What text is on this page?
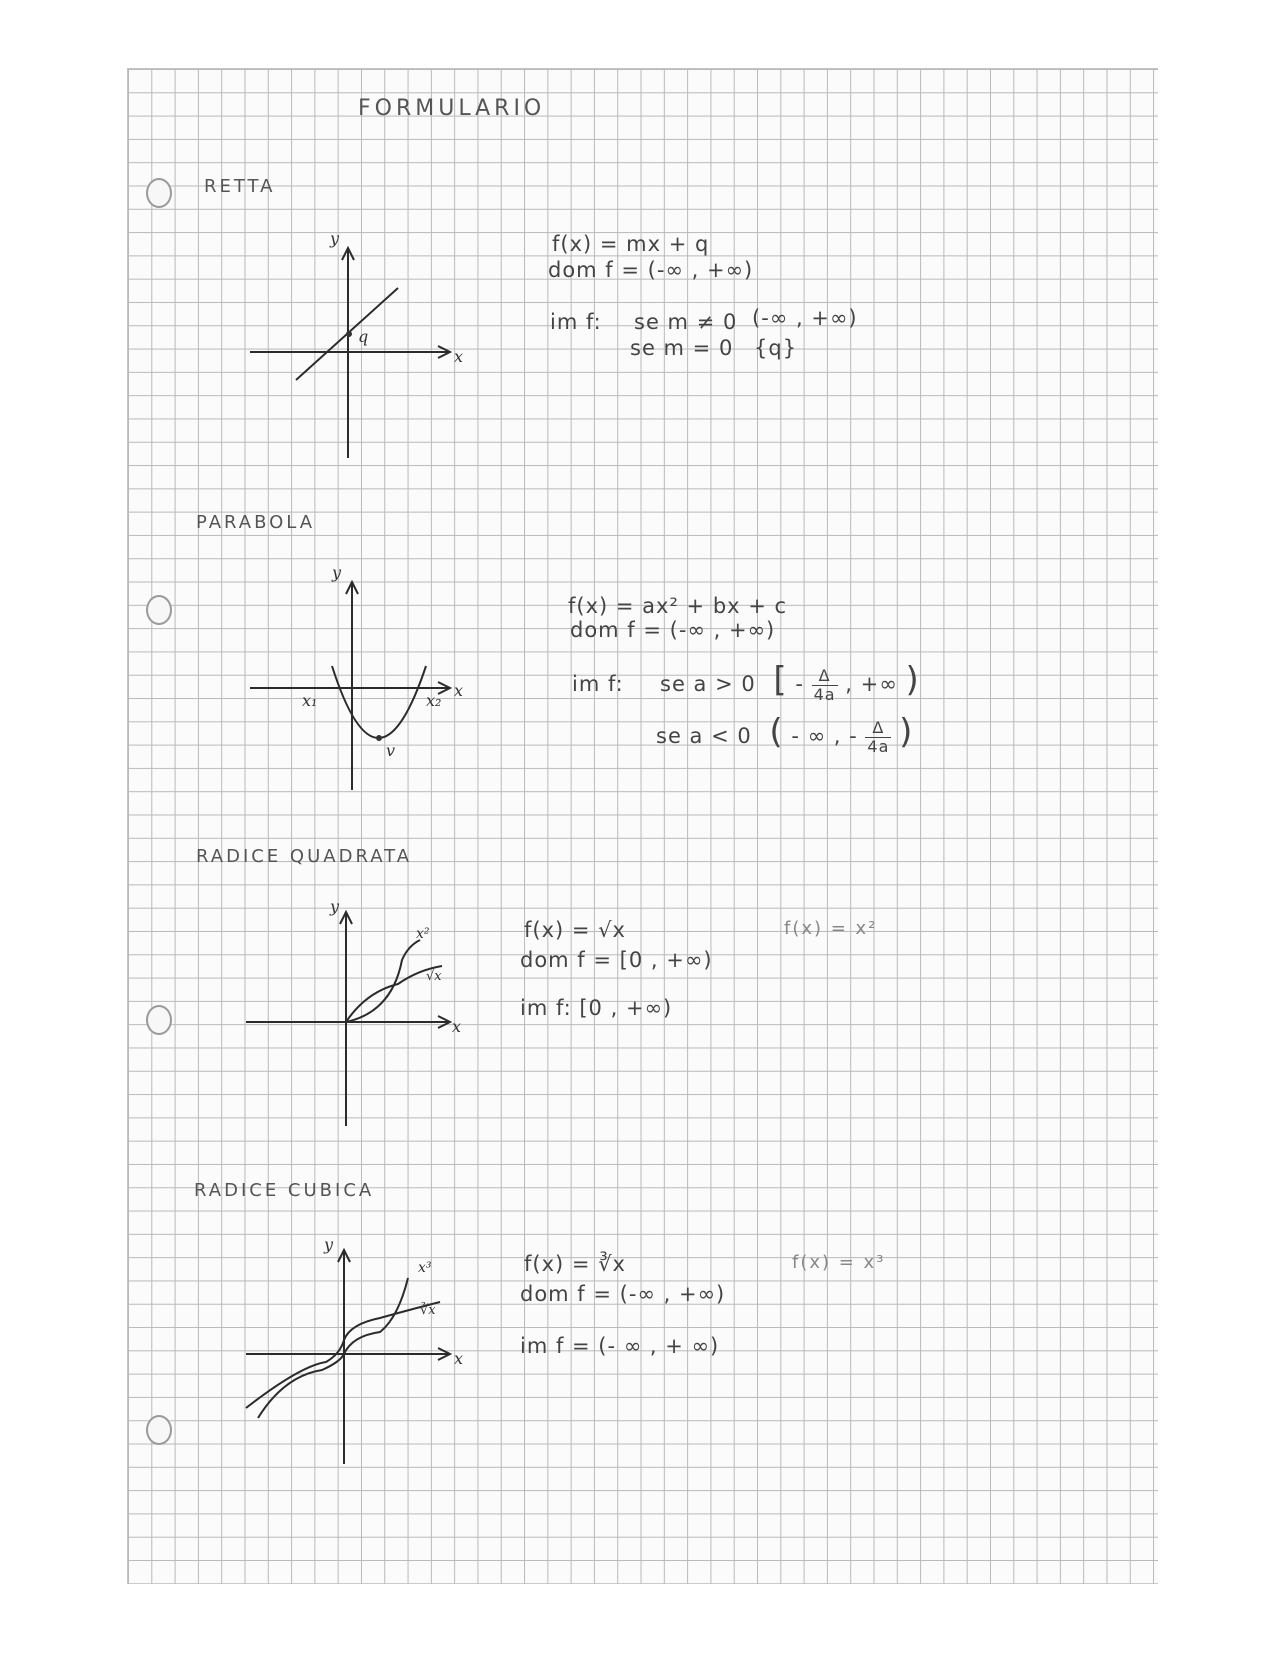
FORMULARIO
RETTA
y
x
q
f(x) = mx + q
dom f = (-∞ , +∞)
im f: se m ≠ 0 (-∞ , +∞)
se m = 0 {q}
PARABOLA
y
x
x₁	x₂
v
f(x) = ax² + bx + c
dom f = (-∞ , +∞)
im f: se a > 0 [ - $\frac{\Delta}{4a}$ , +∞ )
se a < 0 ( - ∞ , - $\frac{\Delta}{4a}$ )
RADICE QUADRATA
y
x
x²
√x
f(x) = √x
dom f = [0 , +∞)
im f: [0 , +∞)
f(x) = x²
RADICE CUBICA
y
x
x³
∛x
f(x) = ∛x
dom f = (-∞ , +∞)
im f = (- ∞ , + ∞)
f(x) = x³
